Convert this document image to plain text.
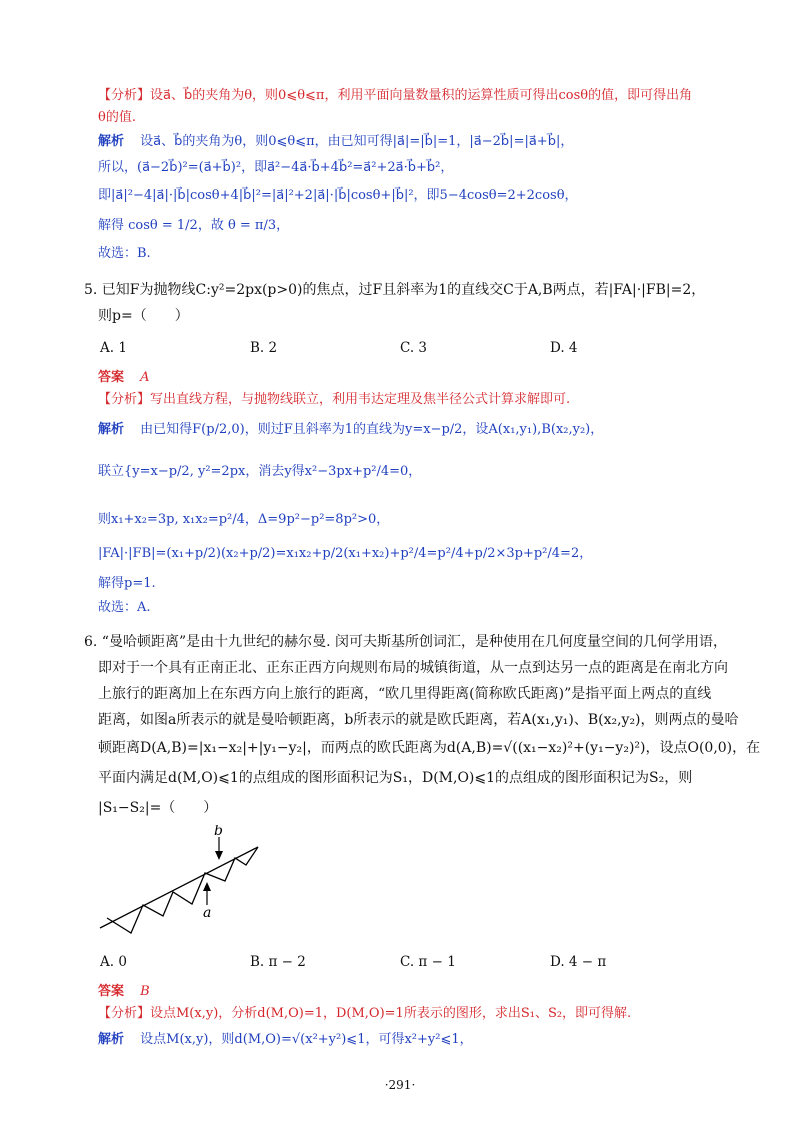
【分析】设a⃗、b⃗的夹角为θ，则0⩽θ⩽π，利用平面向量数量积的运算性质可得出cosθ的值，即可得出角
θ的值.
解析 设a⃗、b⃗的夹角为θ，则0⩽θ⩽π，由已知可得|a⃗|=|b⃗|=1，|a⃗−2b⃗|=|a⃗+b⃗|，
所以，(a⃗−2b⃗)²=(a⃗+b⃗)²，即a⃗²−4a⃗·b⃗+4b⃗²=a⃗²+2a⃗·b⃗+b⃗²，
即|a⃗|²−4|a⃗|·|b⃗|cosθ+4|b⃗|²=|a⃗|²+2|a⃗|·|b⃗|cosθ+|b⃗|²，即5−4cosθ=2+2cosθ，
解得 cosθ = 1/2，故 θ = π/3，
故选：B.
5. 已知F为抛物线C:y²=2px(p>0)的焦点，过F且斜率为1的直线交C于A,B两点，若|FA|·|FB|=2，
则p=（　　）
A. 1	B. 2	C. 3	D. 4
答案 A
【分析】写出直线方程，与抛物线联立，利用韦达定理及焦半径公式计算求解即可.
解析 由已知得F(p/2,0)，则过F且斜率为1的直线为y=x−p/2，设A(x₁,y₁),B(x₂,y₂)，
联立{y=x−p/2, y²=2px，消去y得x²−3px+p²/4=0，
则x₁+x₂=3p, x₁x₂=p²/4，Δ=9p²−p²=8p²>0，
|FA|·|FB|=(x₁+p/2)(x₂+p/2)=x₁x₂+p/2(x₁+x₂)+p²/4=p²/4+p/2×3p+p²/4=2，
解得p=1.
故选：A.
6. “曼哈顿距离”是由十九世纪的赫尔曼. 闵可夫斯基所创词汇，是种使用在几何度量空间的几何学用语，
即对于一个具有正南正北、正东正西方向规则布局的城镇街道，从一点到达另一点的距离是在南北方向
上旅行的距离加上在东西方向上旅行的距离，“欧几里得距离(简称欧氏距离)”是指平面上两点的直线
距离，如图a所表示的就是曼哈顿距离，b所表示的就是欧氏距离，若A(x₁,y₁)、B(x₂,y₂)，则两点的曼哈
顿距离D(A,B)=|x₁−x₂|+|y₁−y₂|，而两点的欧氏距离为d(A,B)=√((x₁−x₂)²+(y₁−y₂)²)，设点O(0,0)，在
平面内满足d(M,O)⩽1的点组成的图形面积记为S₁，D(M,O)⩽1的点组成的图形面积记为S₂，则
|S₁−S₂|=（　　）
b
a
A. 0	B. π − 2	C. π − 1	D. 4 − π
答案 B
【分析】设点M(x,y)，分析d(M,O)=1，D(M,O)=1所表示的图形，求出S₁、S₂，即可得解.
解析 设点M(x,y)，则d(M,O)=√(x²+y²)⩽1，可得x²+y²⩽1，
·291·
